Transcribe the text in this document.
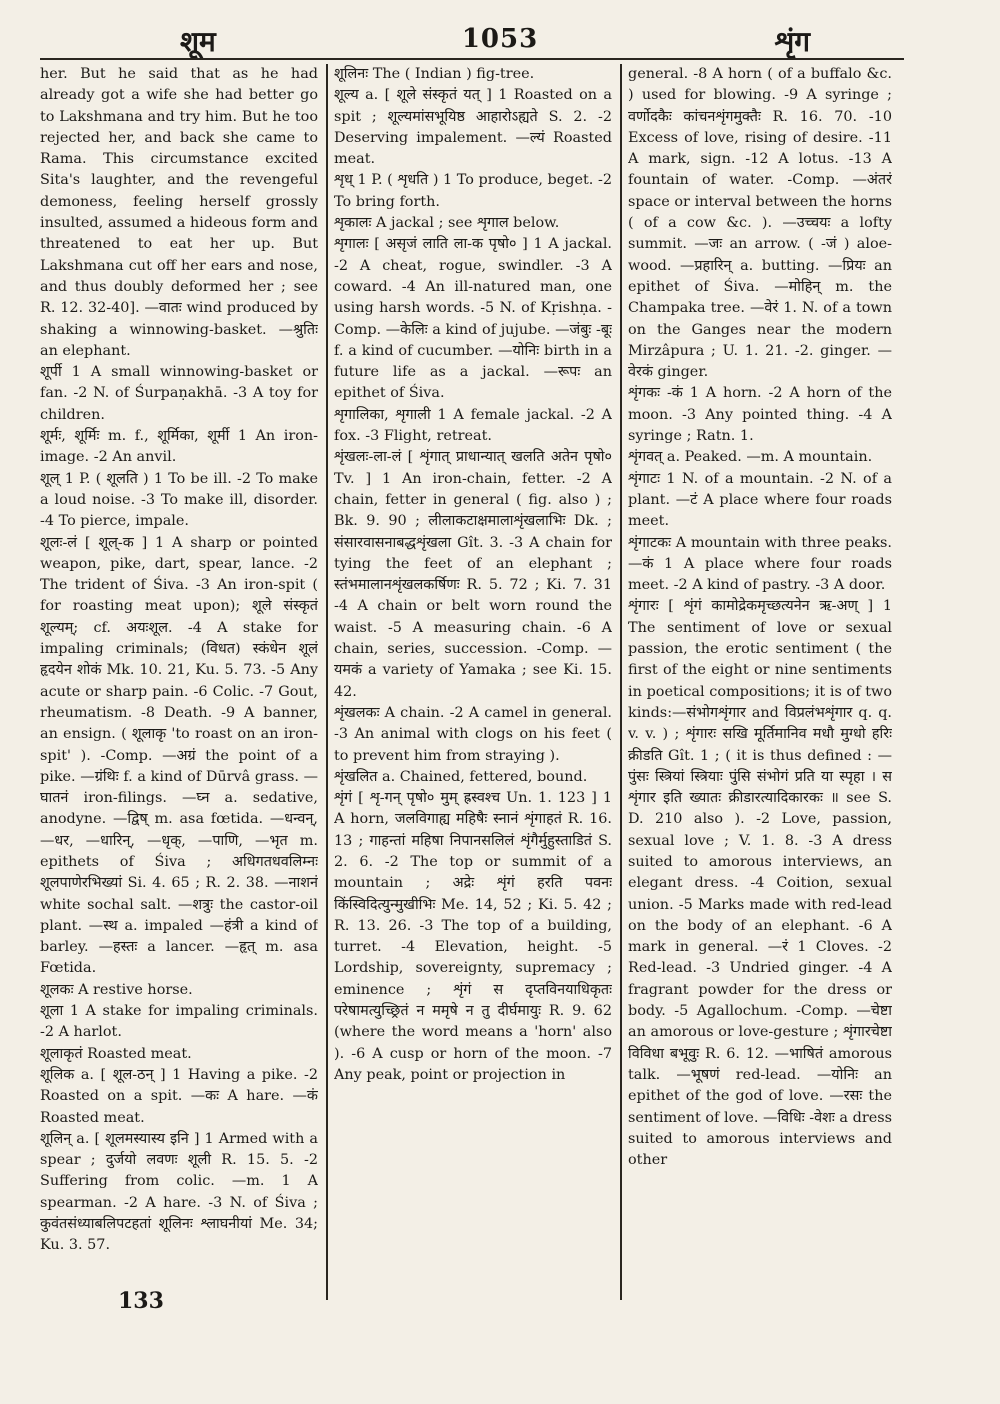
शूम	1053	शृंग

her. But he said that as he had already got a wife she had better go to Lakshmana and try him. But he too rejected her, and back she came to Rama. This circumstance excited Sita's laughter, and the revengeful demoness, feeling herself grossly insulted, assumed a hideous form and threatened to eat her up. But Lakshmana cut off her ears and nose, and thus doubly deformed her ; see R. 12. 32-40]. —वातः wind produced by shaking a winnowing-basket. —श्रुतिः an elephant.

शूर्पी 1 A small winnowing-basket or fan. -2 N. of Śurpaṇakhā. -3 A toy for children.

शूर्मः, शूर्मिः m. f., शूर्मिका, शूर्मी 1 An iron-image. -2 An anvil.

शूल् 1 P. ( शूलति ) 1 To be ill. -2 To make a loud noise. -3 To make ill, disorder. -4 To pierce, impale.

शूलः-लं [ शूल्-क ] 1 A sharp or pointed weapon, pike, dart, spear, lance. -2 The trident of Śiva. -3 An iron-spit ( for roasting meat upon); शूले संस्कृतं शूल्यम्; cf. अयःशूल. -4 A stake for impaling criminals; (विधत) स्कंधेन शूलं हृदयेन शोकं Mk. 10. 21, Ku. 5. 73. -5 Any acute or sharp pain. -6 Colic. -7 Gout, rheumatism. -8 Death. -9 A banner, an ensign. ( शूलाकृ 'to roast on an iron-spit' ). -Comp. —अग्रं the point of a pike. —ग्रंथिः f. a kind of Dūrvâ grass. —घातनं iron-filings. —घ्न a. sedative, anodyne. —द्विष् m. asa fœtida. —धन्वन्, —धर, —धारिन्, —धृक्, —पाणि, —भृत m. epithets of Śiva ; अधिगतधवलिम्नः शूलपाणेरभिख्यां Si. 4. 65 ; R. 2. 38. —नाशनं white sochal salt. —शत्रुः the castor-oil plant. —स्थ a. impaled —हंत्री a kind of barley. —हस्तः a lancer. —हृत् m. asa Fœtida.

शूलकः A restive horse.

शूला 1 A stake for impaling criminals. -2 A harlot.

शूलाकृतं Roasted meat.

शूलिक a. [ शूल-ठन् ] 1 Having a pike. -2 Roasted on a spit. —कः A hare. —कं Roasted meat.

शूलिन् a. [ शूलमस्यास्य इनि ] 1 Armed with a spear ; दुर्जयो लवणः शूली R. 15. 5. -2 Suffering from colic. —m. 1 A spearman. -2 A hare. -3 N. of Śiva ; कुवंतसंध्याबलिपटहतां शूलिनः श्लाघनीयां Me. 34; Ku. 3. 57.

शूलिनः The ( Indian ) fig-tree.

शूल्य a. [ शूले संस्कृतं यत् ] 1 Roasted on a spit ; शूल्यमांसभूयिष्ठ आहारोऽह्यते S. 2. -2 Deserving impalement. —ल्यं Roasted meat.

शृध् 1 P. ( शृधति ) 1 To produce, beget. -2 To bring forth.

शृकालः A jackal ; see शृगाल below.

शृगालः [ असृजं लाति ला-क पृषो० ] 1 A jackal. -2 A cheat, rogue, swindler. -3 A coward. -4 An ill-natured man, one using harsh words. -5 N. of Kṛishṇa. -Comp. —केलिः a kind of jujube. —जंबुः -बूः f. a kind of cucumber. —योनिः birth in a future life as a jackal. —रूपः an epithet of Śiva.

शृगालिका, शृगाली 1 A female jackal. -2 A fox. -3 Flight, retreat.

शृंखलः-ला-लं [ शृंगात् प्राधान्यात् खलति अतेन पृषो० Tv. ] 1 An iron-chain, fetter. -2 A chain, fetter in general ( fig. also ) ; Bk. 9. 90 ; लीलाकटाक्षमालाशृंखलाभिः Dk. ; संसारवासनाबद्धशृंखला Gît. 3. -3 A chain for tying the feet of an elephant ; स्तंभमालानशृंखलकर्षिणः R. 5. 72 ; Ki. 7. 31 -4 A chain or belt worn round the waist. -5 A measuring chain. -6 A chain, series, succession. -Comp. —यमकं a variety of Yamaka ; see Ki. 15. 42.

शृंखलकः A chain. -2 A camel in general. -3 An animal with clogs on his feet ( to prevent him from straying ).

शृंखलित a. Chained, fettered, bound.

शृंगं [ शृ-गन् पृषो० मुम् ह्रस्वश्च Un. 1. 123 ] 1 A horn, जलविगाह्य महिषैः स्नानं शृंगाहतं R. 16. 13 ; गाहन्तां महिषा निपानसलिलं शृंगैर्मुहुस्ताडितं S. 2. 6. -2 The top or summit of a mountain ; अद्रेः शृंगं हरति पवनः किंस्विदित्युन्मुखीभिः Me. 14, 52 ; Ki. 5. 42 ; R. 13. 26. -3 The top of a building, turret. -4 Elevation, height. -5 Lordship, sovereignty, supremacy ; eminence ; शृंगं स दृप्तविनयाधिकृतः परेषामत्युच्छ्रितं न ममृषे न तु दीर्घमायुः R. 9. 62 (where the word means a 'horn' also ). -6 A cusp or horn of the moon. -7 Any peak, point or projection in

general. -8 A horn ( of a buffalo &c. ) used for blowing. -9 A syringe ; वर्णोदकैः कांचनशृंगमुक्तैः R. 16. 70. -10 Excess of love, rising of desire. -11 A mark, sign. -12 A lotus. -13 A fountain of water. -Comp. —अंतरं space or interval between the horns ( of a cow &c. ). —उच्चयः a lofty summit. —जः an arrow. ( -जं ) aloe-wood. —प्रहारिन् a. butting. —प्रियः an epithet of Śiva. —मोहिन् m. the Champaka tree. —वेरं 1. N. of a town on the Ganges near the modern Mirzâpura ; U. 1. 21. -2. ginger. —वेरकं ginger.

शृंगकः -कं 1 A horn. -2 A horn of the moon. -3 Any pointed thing. -4 A syringe ; Ratn. 1.

शृंगवत् a. Peaked. —m. A mountain.

शृंगाटः 1 N. of a mountain. -2 N. of a plant. —टं A place where four roads meet.

शृंगाटकः A mountain with three peaks. —कं 1 A place where four roads meet. -2 A kind of pastry. -3 A door.

शृंगारः [ शृंगं कामोद्रेकमृच्छत्यनेन ऋ-अण् ] 1 The sentiment of love or sexual passion, the erotic sentiment ( the first of the eight or nine sentiments in poetical compositions; it is of two kinds:—संभोगशृंगार and विप्रलंभशृंगार q. q. v. v. ) ; शृंगारः सखि मूर्तिमानिव मधौ मुग्धो हरिः क्रीडति Gît. 1 ; ( it is thus defined : —पुंसः स्त्रियां स्त्रियाः पुंसि संभोगं प्रति या स्पृहा । स शृंगार इति ख्यातः क्रीडारत्यादिकारकः ॥ see S. D. 210 also ). -2 Love, passion, sexual love ; V. 1. 8. -3 A dress suited to amorous interviews, an elegant dress. -4 Coition, sexual union. -5 Marks made with red-lead on the body of an elephant. -6 A mark in general. —रं 1 Cloves. -2 Red-lead. -3 Undried ginger. -4 A fragrant powder for the dress or body. -5 Agallochum. -Comp. —चेष्टा an amorous or love-gesture ; शृंगारचेष्टा विविधा बभूवुः R. 6. 12. —भाषितं amorous talk. —भूषणं red-lead. —योनिः an epithet of the god of love. —रसः the sentiment of love. —विधिः -वेशः a dress suited to amorous interviews and other

133
